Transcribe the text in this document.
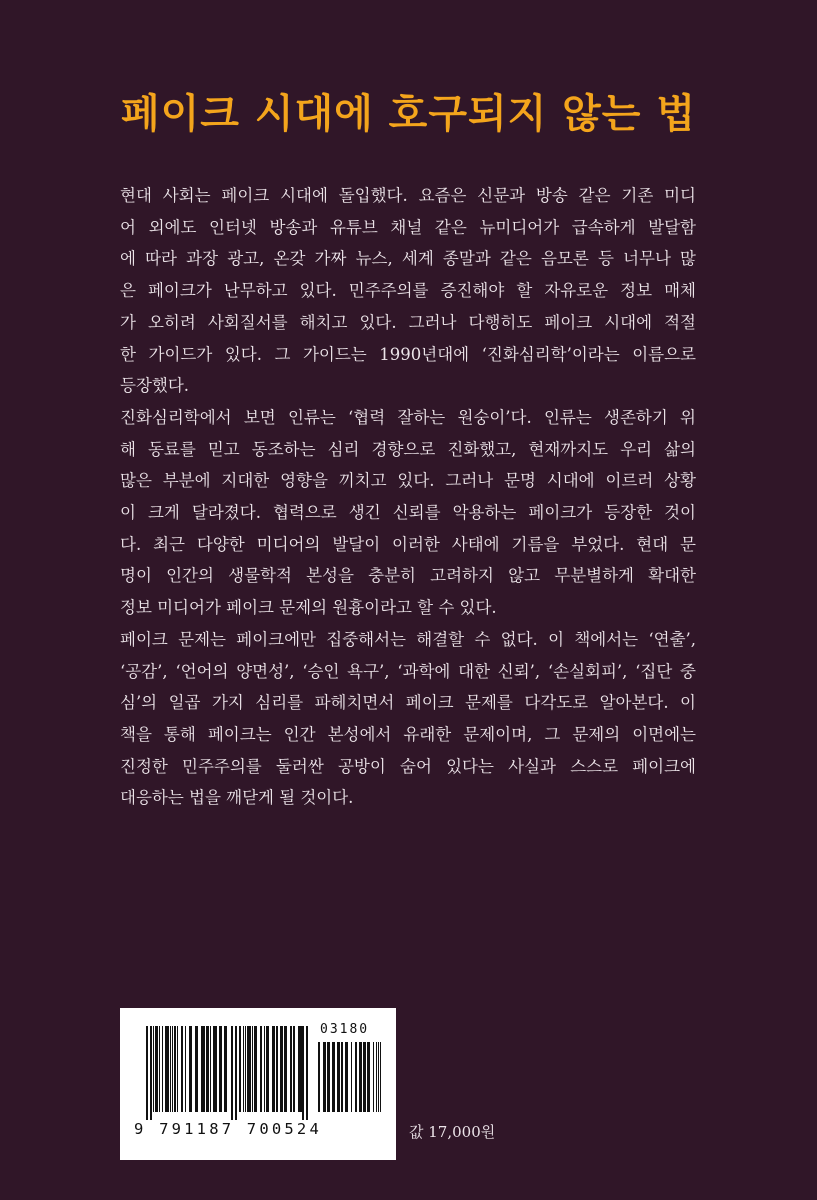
페이크 시대에 호구되지 않는 법

현대 사회는 페이크 시대에 돌입했다. 요즘은 신문과 방송 같은 기존 미디
어 외에도 인터넷 방송과 유튜브 채널 같은 뉴미디어가 급속하게 발달함
에 따라 과장 광고, 온갖 가짜 뉴스, 세계 종말과 같은 음모론 등 너무나 많
은 페이크가 난무하고 있다. 민주주의를 증진해야 할 자유로운 정보 매체
가 오히려 사회질서를 해치고 있다. 그러나 다행히도 페이크 시대에 적절
한 가이드가 있다. 그 가이드는 1990년대에 ‘진화심리학’이라는 이름으로
등장했다.

진화심리학에서 보면 인류는 ‘협력 잘하는 원숭이’다. 인류는 생존하기 위
해 동료를 믿고 동조하는 심리 경향으로 진화했고, 현재까지도 우리 삶의
많은 부분에 지대한 영향을 끼치고 있다. 그러나 문명 시대에 이르러 상황
이 크게 달라졌다. 협력으로 생긴 신뢰를 악용하는 페이크가 등장한 것이
다. 최근 다양한 미디어의 발달이 이러한 사태에 기름을 부었다. 현대 문
명이 인간의 생물학적 본성을 충분히 고려하지 않고 무분별하게 확대한
정보 미디어가 페이크 문제의 원흉이라고 할 수 있다.

페이크 문제는 페이크에만 집중해서는 해결할 수 없다. 이 책에서는 ‘연출’,
‘공감’, ‘언어의 양면성’, ‘승인 욕구’, ‘과학에 대한 신뢰’, ‘손실회피’, ‘집단 중
심’의 일곱 가지 심리를 파헤치면서 페이크 문제를 다각도로 알아본다. 이
책을 통해 페이크는 인간 본성에서 유래한 문제이며, 그 문제의 이면에는
진정한 민주주의를 둘러싼 공방이 숨어 있다는 사실과 스스로 페이크에
대응하는 법을 깨닫게 될 것이다.

03180
9 791187 700524	값 17,000원
